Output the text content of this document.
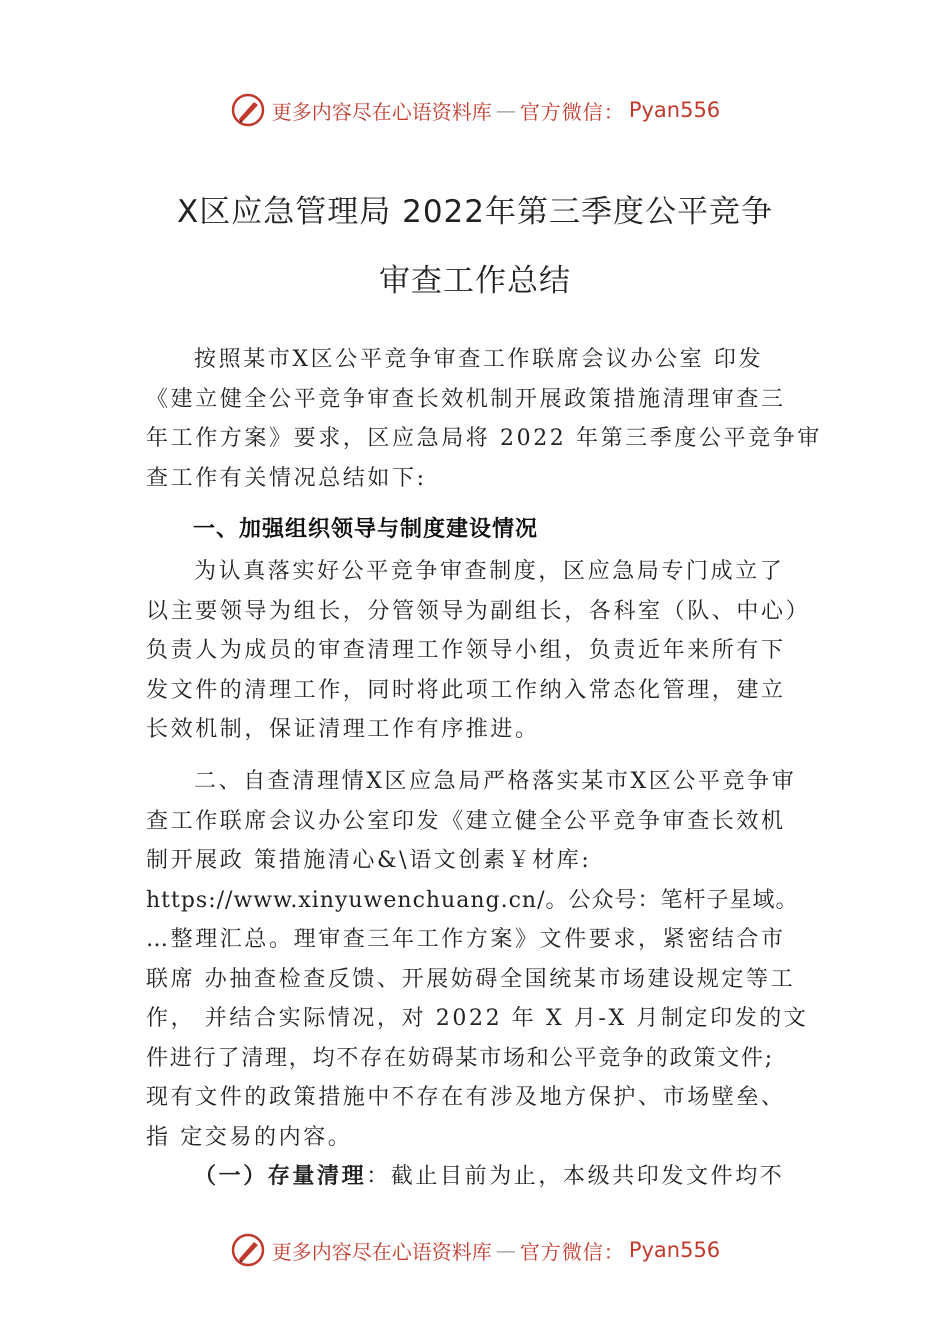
更多内容尽在心语资料库 — 官方微信： Pyan556
X区应急管理局 2022年第三季度公平竞争
审查工作总结
按照某市X区公平竞争审查工作联席会议办公室 印发
《建立健全公平竞争审查长效机制开展政策措施清理审查三
年工作方案》要求，区应急局将 2022 年第三季度公平竞争审
查工作有关情况总结如下:
一、加强组织领导与制度建设情况
为认真落实好公平竞争审查制度，区应急局专门成立了
以主要领导为组长，分管领导为副组长，各科室（队、中心）
负责人为成员的审查清理工作领导小组，负责近年来所有下
发文件的清理工作，同时将此项工作纳入常态化管理，建立
长效机制，保证清理工作有序推进。
二、自查清理情X区应急局严格落实某市X区公平竞争审
查工作联席会议办公室印发《建立健全公平竞争审查长效机
制开展政 策措施清心&\语文创素￥材库:
https://www.xinyuwenchuang.cn/。公众号：笔杆子星域。
…整理汇总。理审查三年工作方案》文件要求，紧密结合市
联席 办抽查检查反馈、开展妨碍全国统某市场建设规定等工
作， 并结合实际情况，对 2022 年 X 月-X 月制定印发的文
件进行了清理，均不存在妨碍某市场和公平竞争的政策文件;
现有文件的政策措施中不存在有涉及地方保护、市场壁垒、
指 定交易的内容。
（一）存量清理：截止目前为止，本级共印发文件均不
更多内容尽在心语资料库 — 官方微信： Pyan556
